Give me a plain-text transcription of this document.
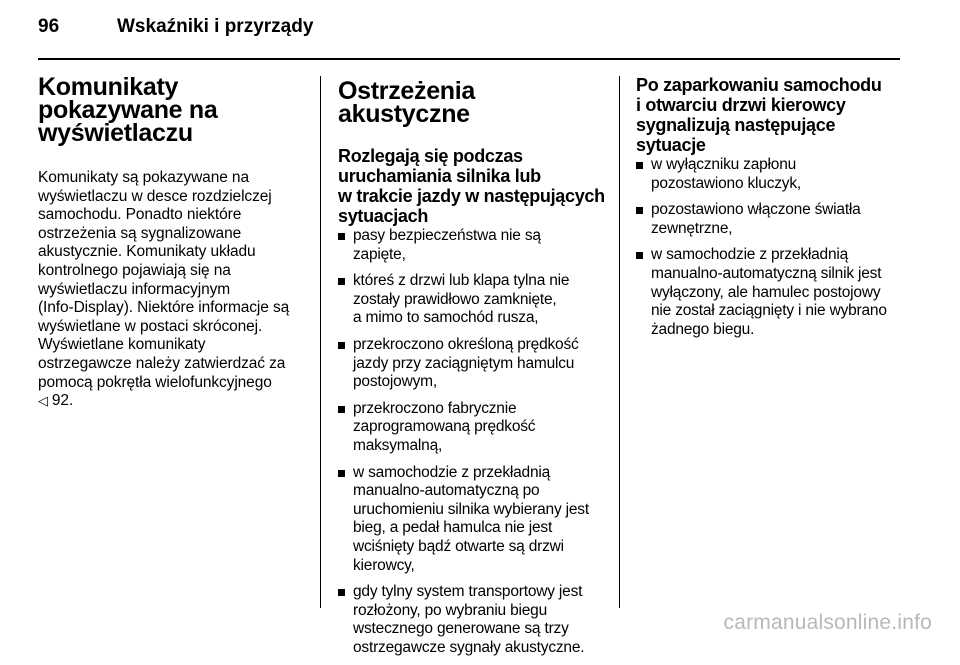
96	Wskaźniki i przyrządy
Komunikaty
pokazywane na
wyświetlaczu

Komunikaty są pokazywane na
wyświetlaczu w desce rozdzielczej
samochodu. Ponadto niektóre
ostrzeżenia są sygnalizowane
akustycznie. Komunikaty układu
kontrolnego pojawiają się na
wyświetlaczu informacyjnym
(Info-Display). Niektóre informacje są
wyświetlane w postaci skróconej.
Wyświetlane komunikaty
ostrzegawcze należy zatwierdzać za
pomocą pokrętła wielofunkcyjnego
◁ 92.

Ostrzeżenia akustyczne
Rozlegają się podczas
uruchamiania silnika lub
w trakcie jazdy w następujących
sytuacjach
pasy bezpieczeństwa nie są
zapięte,
któreś z drzwi lub klapa tylna nie
zostały prawidłowo zamknięte,
a mimo to samochód rusza,
przekroczono określoną prędkość
jazdy przy zaciągniętym hamulcu
postojowym,
przekroczono fabrycznie
zaprogramowaną prędkość
maksymalną,
w samochodzie z przekładnią
manualno-automatyczną po
uruchomieniu silnika wybierany jest
bieg, a pedał hamulca nie jest
wciśnięty bądź otwarte są drzwi
kierowcy,
gdy tylny system transportowy jest
rozłożony, po wybraniu biegu
wstecznego generowane są trzy
ostrzegawcze sygnały akustyczne.
Po zaparkowaniu samochodu
i otwarciu drzwi kierowcy
sygnalizują następujące
sytuacje
w wyłączniku zapłonu
pozostawiono kluczyk,
pozostawiono włączone światła
zewnętrzne,
w samochodzie z przekładnią
manualno-automatyczną silnik jest
wyłączony, ale hamulec postojowy
nie został zaciągnięty i nie wybrano
żadnego biegu.
carmanualsonline.info
